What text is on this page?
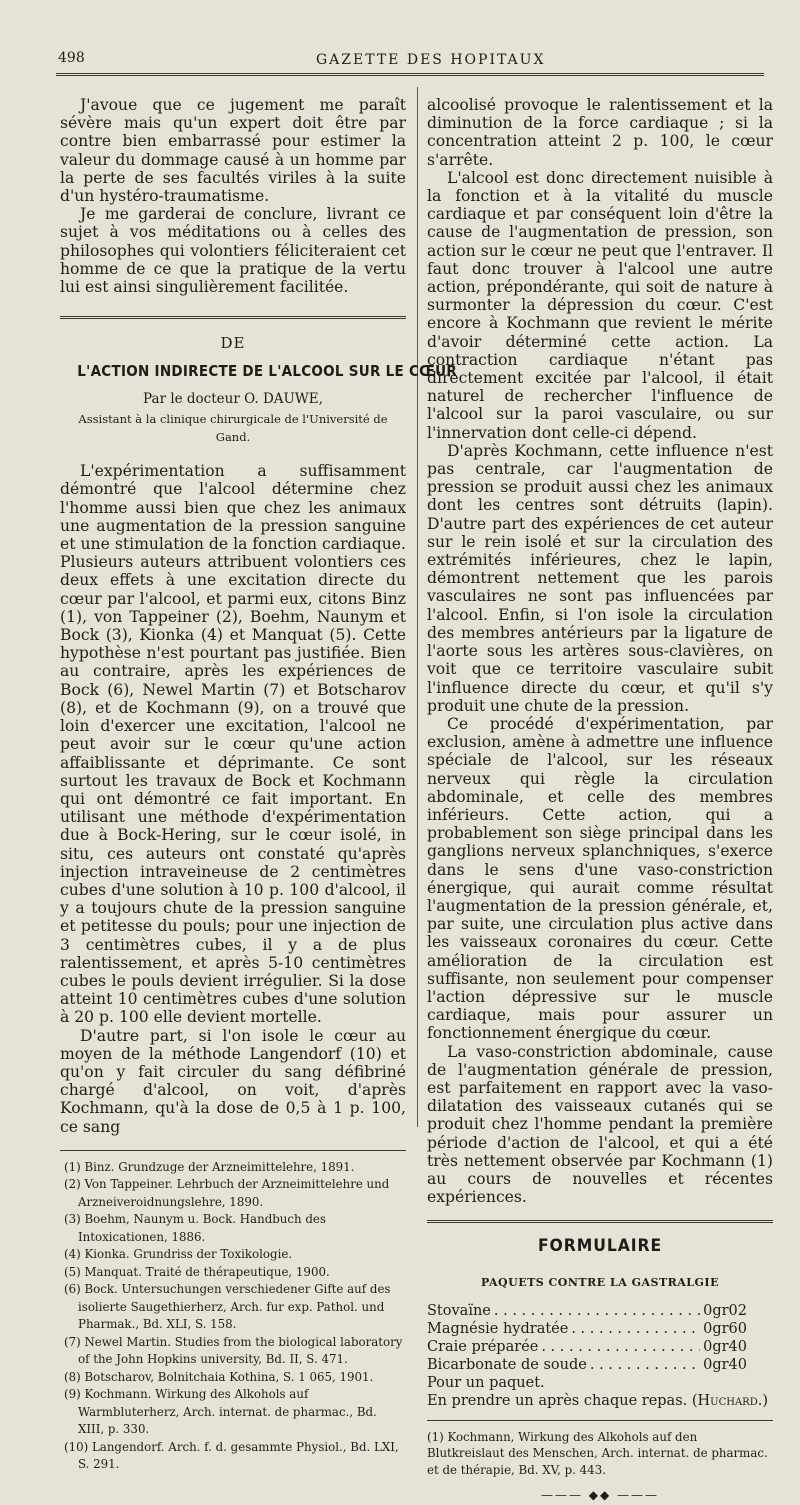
498	GAZETTE DES HOPITAUX

J'avoue que ce jugement me paraît sévère mais qu'un expert doit être par contre bien embarrassé pour estimer la valeur du dommage causé à un homme par la perte de ses facultés viriles à la suite d'un hystéro-traumatisme.

Je me garderai de conclure, livrant ce sujet à vos méditations ou à celles des philosophes qui volontiers féliciteraient cet homme de ce que la pratique de la vertu lui est ainsi singulièrement facilitée.

DE
L'ACTION INDIRECTE DE L'ALCOOL SUR LE CŒUR
Par le docteur O. DAUWE,
Assistant à la clinique chirurgicale de l'Université de Gand.

L'expérimentation a suffisamment démontré que l'alcool détermine chez l'homme aussi bien que chez les animaux une augmentation de la pression sanguine et une stimulation de la fonction cardiaque. Plusieurs auteurs attribuent volontiers ces deux effets à une excitation directe du cœur par l'alcool, et parmi eux, citons Binz (1), von Tappeiner (2), Boehm, Naunym et Bock (3), Kionka (4) et Manquat (5). Cette hypothèse n'est pourtant pas justifiée. Bien au contraire, après les expériences de Bock (6), Newel Martin (7) et Botscharov (8), et de Kochmann (9), on a trouvé que loin d'exercer une excitation, l'alcool ne peut avoir sur le cœur qu'une action affaiblissante et déprimante. Ce sont surtout les travaux de Bock et Kochmann qui ont démontré ce fait important. En utilisant une méthode d'expérimentation due à Bock-Hering, sur le cœur isolé, in situ, ces auteurs ont constaté qu'après injection intraveineuse de 2 centimètres cubes d'une solution à 10 p. 100 d'alcool, il y a toujours chute de la pression sanguine et petitesse du pouls; pour une injection de 3 centimètres cubes, il y a de plus ralentissement, et après 5-10 centimètres cubes le pouls devient irrégulier. Si la dose atteint 10 centimètres cubes d'une solution à 20 p. 100 elle devient mortelle.

D'autre part, si l'on isole le cœur au moyen de la méthode Langendorf (10) et qu'on y fait circuler du sang défibriné chargé d'alcool, on voit, d'après Kochmann, qu'à la dose de 0,5 à 1 p. 100, ce sang

(1) Binz. Grundzuge der Arzneimittelehre, 1891.
(2) Von Tappeiner. Lehrbuch der Arzneimittelehre und Arzneiveroidnungslehre, 1890.
(3) Boehm, Naunym u. Bock. Handbuch des Intoxicationen, 1886.
(4) Kionka. Grundriss der Toxikologie.
(5) Manquat. Traité de thérapeutique, 1900.
(6) Bock. Untersuchungen verschiedener Gifte auf des isolierte Saugethierherz, Arch. fur exp. Pathol. und Pharmak., Bd. XLI, S. 158.
(7) Newel Martin. Studies from the biological laboratory of the John Hopkins university, Bd. II, S. 471.
(8) Botscharov, Bolnitchaia Kothina, S. 1 065, 1901.
(9) Kochmann. Wirkung des Alkohols auf Warmbluterherz, Arch. internat. de pharmac., Bd. XIII, p. 330.
(10) Langendorf. Arch. f. d. gesammte Physiol., Bd. LXI, S. 291.

alcoolisé provoque le ralentissement et la diminution de la force cardiaque ; si la concentration atteint 2 p. 100, le cœur s'arrête.

L'alcool est donc directement nuisible à la fonction et à la vitalité du muscle cardiaque et par conséquent loin d'être la cause de l'augmentation de pression, son action sur le cœur ne peut que l'entraver. Il faut donc trouver à l'alcool une autre action, prépondérante, qui soit de nature à surmonter la dépression du cœur. C'est encore à Kochmann que revient le mérite d'avoir déterminé cette action. La contraction cardiaque n'étant pas directement excitée par l'alcool, il était naturel de rechercher l'influence de l'alcool sur la paroi vasculaire, ou sur l'innervation dont celle-ci dépend.

D'après Kochmann, cette influence n'est pas centrale, car l'augmentation de pression se produit aussi chez les animaux dont les centres sont détruits (lapin). D'autre part des expériences de cet auteur sur le rein isolé et sur la circulation des extrémités inférieures, chez le lapin, démontrent nettement que les parois vasculaires ne sont pas influencées par l'alcool. Enfin, si l'on isole la circulation des membres antérieurs par la ligature de l'aorte sous les artères sous-clavières, on voit que ce territoire vasculaire subit l'influence directe du cœur, et qu'il s'y produit une chute de la pression.

Ce procédé d'expérimentation, par exclusion, amène à admettre une influence spéciale de l'alcool, sur les réseaux nerveux qui règle la circulation abdominale, et celle des membres inférieurs. Cette action, qui a probablement son siège principal dans les ganglions nerveux splanchniques, s'exerce dans le sens d'une vaso-constriction énergique, qui aurait comme résultat l'augmentation de la pression générale, et, par suite, une circulation plus active dans les vaisseaux coronaires du cœur. Cette amélioration de la circulation est suffisante, non seulement pour compenser l'action dépressive sur le muscle cardiaque, mais pour assurer un fonctionnement énergique du cœur.

La vaso-constriction abdominale, cause de l'augmentation générale de pression, est parfaitement en rapport avec la vaso-dilatation des vaisseaux cutanés qui se produit chez l'homme pendant la première période d'action de l'alcool, et qui a été très nettement observée par Kochmann (1) au cours de nouvelles et récentes expériences.

FORMULAIRE
PAQUETS CONTRE LA GASTRALGIE
Stovaïne . . .	0gr02
Magnésie hydratée . . .	0gr60
Craie préparée . . .	0gr40
Bicarbonate de soude . . .	0gr40
Pour un paquet.
En prendre un après chaque repas. (Huchard.)
(1) Kochmann, Wirkung des Alkohols auf den Blutkreislaut des Menschen, Arch. internat. de pharmac. et de thérapie, Bd. XV, p. 443.
——— ◆◆ ———
